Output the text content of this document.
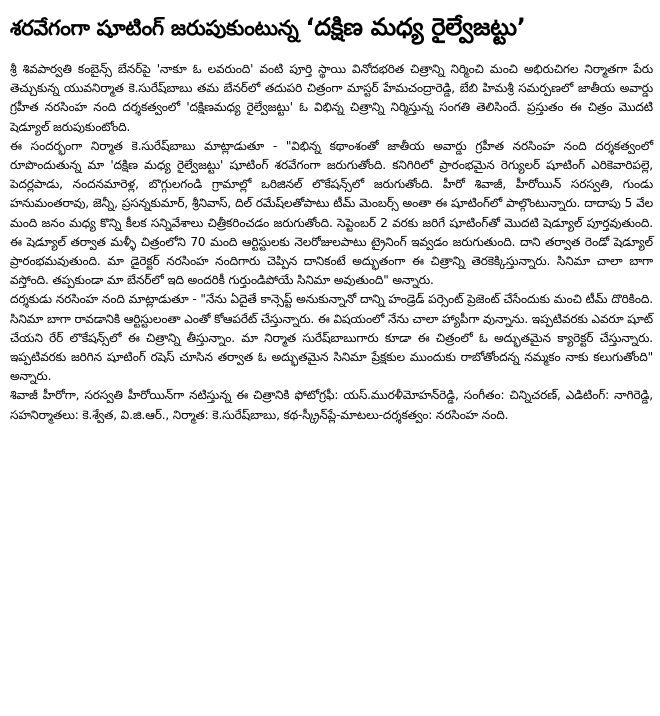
శరవేగంగా షూటింగ్ జరుపుకుంటున్న ‘దక్షిణ మధ్య రైల్వేజట్టు’

శ్రీ శివపార్వతి కంబైన్స్ బేనర్‌పై 'నాకూ ఓ లవరుంది' వంటి పూర్తి స్థాయి వినోదభరిత చిత్రాన్ని నిర్మించి మంచి అభిరుచిగల నిర్మాతగా పేరు తెచ్చుకున్న యువనిర్మాత కె.సురేష్‌బాబు తమ బేనర్‌లో తదుపరి చిత్రంగా మాస్టర్ హేమచంద్రారెడ్డి, బేబి హిమశ్రీ సమర్పణలో జాతీయ అవార్డు గ్రహీత నరసింహ నంది దర్శకత్వంలో 'దక్షిణమధ్య రైల్వేజట్టు' ఓ విభిన్న చిత్రాన్ని నిర్మిస్తున్న సంగతి తెలిసిందే. ప్రస్తుతం ఈ చిత్రం మొదటి షెడ్యూల్ జరుపుకుంటోంది.

ఈ సందర్భంగా నిర్మాత కె.సురేష్‌బాబు మాట్లాడుతూ - "విభిన్న కథాంశంతో జాతీయ అవార్డు గ్రహీత నరసింహ నంది దర్శకత్వంలో రూపొందుతున్న మా 'దక్షిణ మధ్య రైల్వేజట్టు' షూటింగ్ శరవేగంగా జరుగుతోంది. కనిగిరిలో ప్రారంభమైన రెగ్యులర్ షూటింగ్ ఎరికెవారిపల్లె, పెదర్లపాడు, నందనమారెళ్ల, బొగ్గులగండి గ్రామాల్లో ఒరిజినల్ లొకేషన్స్‌లో జరుగుతోంది. హీరో శివాజీ, హీరోయిన్ సరస్వతి, గుండు హనుమంతరావు, జెన్నీ, ప్రసన్నకుమార్, శ్రీనివాస్, దిల్ రమేష్‌లతోపాటు టీమ్ మెంబర్స్ అంతా ఈ షూటింగ్‌లో పాల్గొంటున్నారు. దాదాపు 5 వేల మంది జనం మధ్య కొన్ని కీలక సన్నివేశాలు చిత్రీకరించడం జరుగుతోంది. సెప్టెంబర్ 2 వరకు జరిగే షూటింగ్‌తో మొదటి షెడ్యూల్ పూర్తవుతుంది. ఈ షెడ్యూల్ తర్వాత మళ్ళీ చిత్రంలోని 70 మంది ఆర్టిస్టులకు నెలరోజులపాటు ట్రైనింగ్ ఇవ్వడం జరుగుతుంది. దాని తర్వాత రెండో షెడ్యూల్ ప్రారంభమవుతుంది. మా డైరెక్టర్ నరసింహ నందిగారు చెప్పిన దానికంటే అద్భుతంగా ఈ చిత్రాన్ని తెరకెక్కిస్తున్నారు. సినిమా చాలా బాగా వస్తోంది. తప్పకుండా మా బేనర్‌లో ఇది అందరికీ గుర్తుండిపోయే సినిమా అవుతుంది" అన్నారు.

దర్శకుడు నరసింహ నంది మాట్లాడుతూ - "నేను ఏదైతే కాన్సెప్ట్ అనుకున్నానో దాన్ని హండ్రెడ్ పర్సెంట్ ప్రెజెంట్ చేసేందుకు మంచి టీమ్ దొరికింది. సినిమా బాగా రావడానికి ఆర్టిస్టులంతా ఎంతో కోఆపరేట్ చేస్తున్నారు. ఈ విషయంలో నేను చాలా హ్యాపీగా వున్నాను. ఇప్పటివరకు ఎవరూ షూట్ చేయని రేర్ లొకేషన్స్‌లో ఈ చిత్రాన్ని తీస్తున్నాం. మా నిర్మాత సురేష్‌బాబుగారు కూడా ఈ చిత్రంలో ఓ అద్భుతమైన క్యారెక్టర్ చేస్తున్నారు. ఇప్పటివరకు జరిగిన షూటింగ్ రషెస్ చూసిన తర్వాత ఓ అద్భుతమైన సినిమా ప్రేక్షకుల ముందుకు రాబోతోందన్న నమ్మకం నాకు కలుగుతోంది" అన్నారు.

శివాజీ హీరోగా, సరస్వతి హీరోయిన్‌గా నటిస్తున్న ఈ చిత్రానికి ఫోటోగ్రఫీ: యస్.మురళీమోహన్‌రెడ్డి, సంగీతం: చిన్నిచరణ్, ఎడిటింగ్: నాగిరెడ్డి, సహనిర్మాతలు: కె.శ్వేత, వి.జి.ఆర్., నిర్మాత: కె.సురేష్‌బాబు, కథ-స్క్రీన్‌ప్లే-మాటలు-దర్శకత్వం: నరసింహ నంది.
